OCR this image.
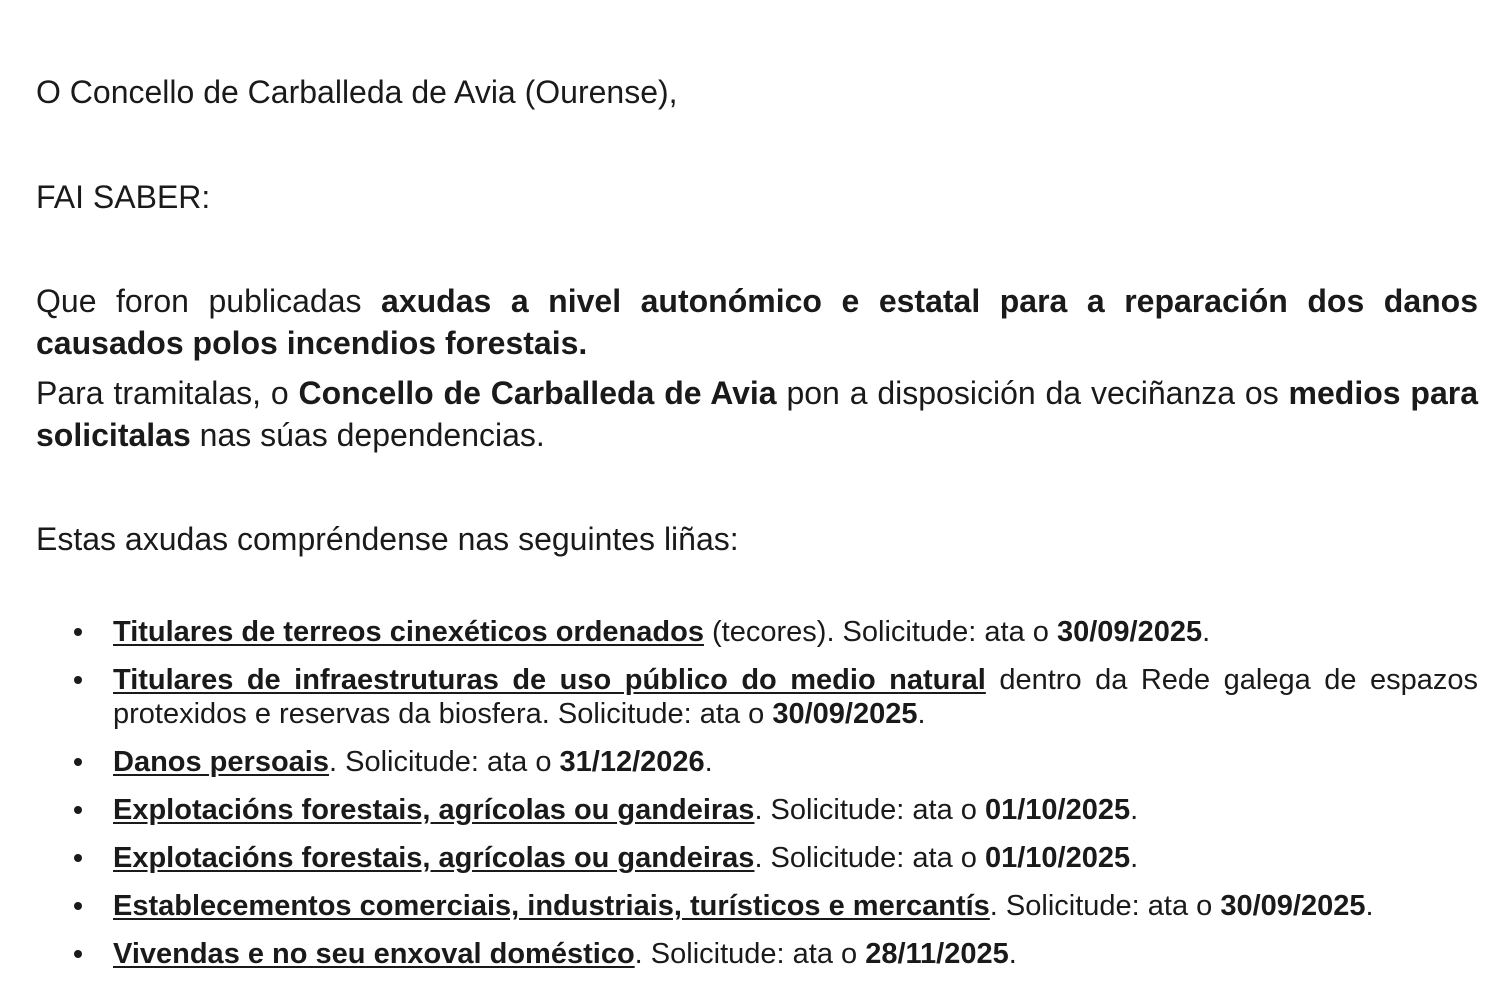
O Concello de Carballeda de Avia (Ourense),

FAI SABER:

Que foron publicadas axudas a nivel autonómico e estatal para a reparación dos danos causados polos incendios forestais.

Para tramitalas, o Concello de Carballeda de Avia pon a disposición da veciñanza os medios para solicitalas nas súas dependencias.

Estas axudas compréndense nas seguintes liñas:

Titulares de terreos cinexéticos ordenados (tecores). Solicitude: ata o 30/09/2025.
Titulares de infraestruturas de uso público do medio natural dentro da Rede galega de espazos protexidos e reservas da biosfera. Solicitude: ata o 30/09/2025.
Danos persoais. Solicitude: ata o 31/12/2026.
Explotacións forestais, agrícolas ou gandeiras. Solicitude: ata o 01/10/2025.
Explotacións forestais, agrícolas ou gandeiras. Solicitude: ata o 01/10/2025.
Establecementos comerciais, industriais, turísticos e mercantís. Solicitude: ata o 30/09/2025.
Vivendas e no seu enxoval doméstico. Solicitude: ata o 28/11/2025.
